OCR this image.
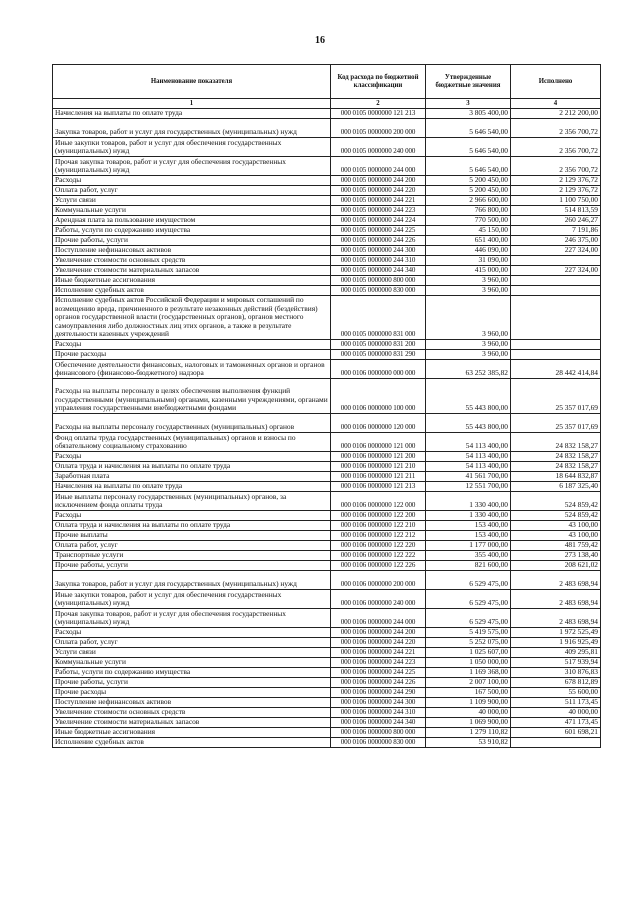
16
Наименование показателя	Код расхода по бюджетной классификации	Утвержденные бюджетные значения	Исполнено
1	2	3	4
Начисления на выплаты по оплате труда	000 0105 0000000 121 213	3 805 400,00	2 212 200,00
Закупка товаров, работ и услуг для государственных (муниципальных) нужд	000 0105 0000000 200 000	5 646 540,00	2 356 700,72
Иные закупки товаров, работ и услуг для обеспечения государственных (муниципальных) нужд	000 0105 0000000 240 000	5 646 540,00	2 356 700,72
Прочая закупка товаров, работ и услуг для обеспечения государственных (муниципальных) нужд	000 0105 0000000 244 000	5 646 540,00	2 356 700,72
Расходы	000 0105 0000000 244 200	5 200 450,00	2 129 376,72
Оплата работ, услуг	000 0105 0000000 244 220	5 200 450,00	2 129 376,72
Услуги связи	000 0105 0000000 244 221	2 966 600,00	1 100 750,00
Коммунальные услуги	000 0105 0000000 244 223	766 800,00	514 813,59
Арендная плата за пользование имуществом	000 0105 0000000 244 224	770 500,00	260 246,27
Работы, услуги по содержанию имущества	000 0105 0000000 244 225	45 150,00	7 191,86
Прочие работы, услуги	000 0105 0000000 244 226	651 400,00	246 375,00
Поступление нефинансовых активов	000 0105 0000000 244 300	446 090,00	227 324,00
Увеличение стоимости основных средств	000 0105 0000000 244 310	31 090,00	
Увеличение стоимости материальных запасов	000 0105 0000000 244 340	415 000,00	227 324,00
Иные бюджетные ассигнования	000 0105 0000000 800 000	3 960,00	
Исполнение судебных актов	000 0105 0000000 830 000	3 960,00	
Исполнение судебных актов Российской Федерации и мировых соглашений по возмещению вреда, причиненного в результате незаконных действий (бездействия) органов государственной власти (государственных органов), органов местного самоуправления либо должностных лиц этих органов, а также в результате деятельности казенных учреждений	000 0105 0000000 831 000	3 960,00	
Расходы	000 0105 0000000 831 200	3 960,00	
Прочие расходы	000 0105 0000000 831 290	3 960,00	
Обеспечение деятельности финансовых, налоговых и таможенных органов и органов финансового (финансово-бюджетного) надзора	000 0106 0000000 000 000	63 252 385,82	28 442 414,84
Расходы на выплаты персоналу в целях обеспечения выполнения функций государственными (муниципальными) органами, казенными учреждениями, органами управления государственными внебюджетными фондами	000 0106 0000000 100 000	55 443 800,00	25 357 017,69
Расходы на выплаты персоналу государственных (муниципальных) органов	000 0106 0000000 120 000	55 443 800,00	25 357 017,69
Фонд оплаты труда государственных (муниципальных) органов и взносы по обязательному социальному страхованию	000 0106 0000000 121 000	54 113 400,00	24 832 158,27
Расходы	000 0106 0000000 121 200	54 113 400,00	24 832 158,27
Оплата труда и начисления на выплаты по оплате труда	000 0106 0000000 121 210	54 113 400,00	24 832 158,27
Заработная плата	000 0106 0000000 121 211	41 561 700,00	18 644 832,87
Начисления на выплаты по оплате труда	000 0106 0000000 121 213	12 551 700,00	6 187 325,40
Иные выплаты персоналу государственных (муниципальных) органов, за исключением фонда оплаты труда	000 0106 0000000 122 000	1 330 400,00	524 859,42
Расходы	000 0106 0000000 122 200	1 330 400,00	524 859,42
Оплата труда и начисления на выплаты по оплате труда	000 0106 0000000 122 210	153 400,00	43 100,00
Прочие выплаты	000 0106 0000000 122 212	153 400,00	43 100,00
Оплата работ, услуг	000 0106 0000000 122 220	1 177 000,00	481 759,42
Транспортные услуги	000 0106 0000000 122 222	355 400,00	273 138,40
Прочие работы, услуги	000 0106 0000000 122 226	821 600,00	208 621,02
Закупка товаров, работ и услуг для государственных (муниципальных) нужд	000 0106 0000000 200 000	6 529 475,00	2 483 698,94
Иные закупки товаров, работ и услуг для обеспечения государственных (муниципальных) нужд	000 0106 0000000 240 000	6 529 475,00	2 483 698,94
Прочая закупка товаров, работ и услуг для обеспечения государственных (муниципальных) нужд	000 0106 0000000 244 000	6 529 475,00	2 483 698,94
Расходы	000 0106 0000000 244 200	5 419 575,00	1 972 525,49
Оплата работ, услуг	000 0106 0000000 244 220	5 252 075,00	1 916 925,49
Услуги связи	000 0106 0000000 244 221	1 025 607,00	409 295,81
Коммунальные услуги	000 0106 0000000 244 223	1 050 000,00	517 939,94
Работы, услуги по содержанию имущества	000 0106 0000000 244 225	1 169 368,00	310 876,83
Прочие работы, услуги	000 0106 0000000 244 226	2 007 100,00	678 812,89
Прочие расходы	000 0106 0000000 244 290	167 500,00	55 600,00
Поступление нефинансовых активов	000 0106 0000000 244 300	1 109 900,00	511 173,45
Увеличение стоимости основных средств	000 0106 0000000 244 310	40 000,00	40 000,00
Увеличение стоимости материальных запасов	000 0106 0000000 244 340	1 069 900,00	471 173,45
Иные бюджетные ассигнования	000 0106 0000000 800 000	1 279 110,82	601 698,21
Исполнение судебных актов	000 0106 0000000 830 000	53 910,82	
